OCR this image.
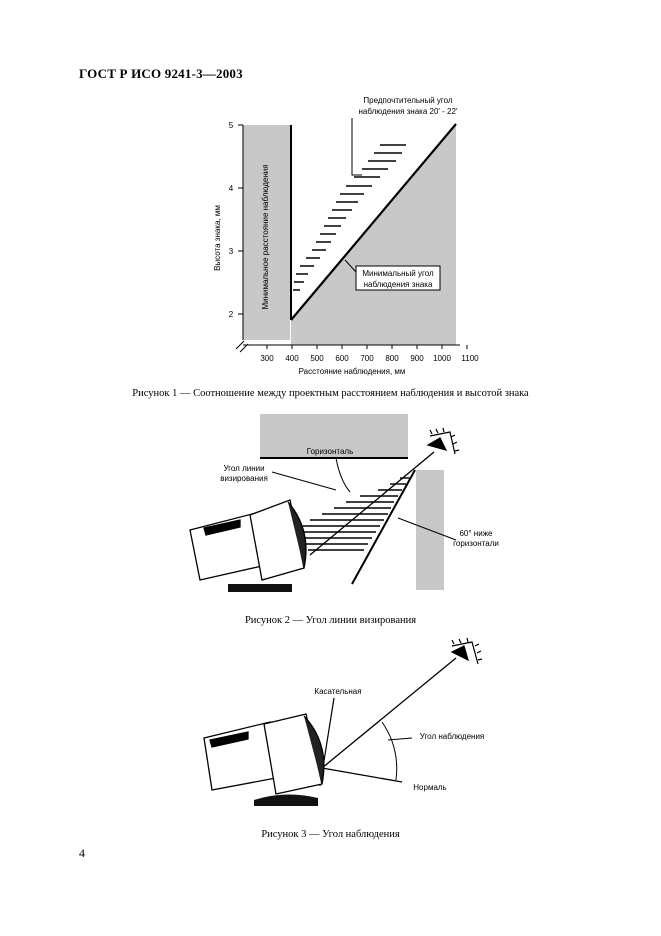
ГОСТ Р ИСО 9241-3—2003
5
4
3
2
300 400 500 600 700 800 900 1000 1100
Расстояние наблюдения, мм
Высота знака, мм	Минимальное расстояние наблюдения
Предпочтительный угол
наблюдения знака 20' - 22'
Минимальный угол
наблюдения знака
Рисунок 1 — Соотношение между проектным расстоянием наблюдения и высотой знака
Горизонталь
Угол линии
визирования
60° ниже
горизонтали
Рисунок 2 — Угол линии визирования
Касательная
Угол наблюдения
Нормаль
Рисунок 3 — Угол наблюдения
4
